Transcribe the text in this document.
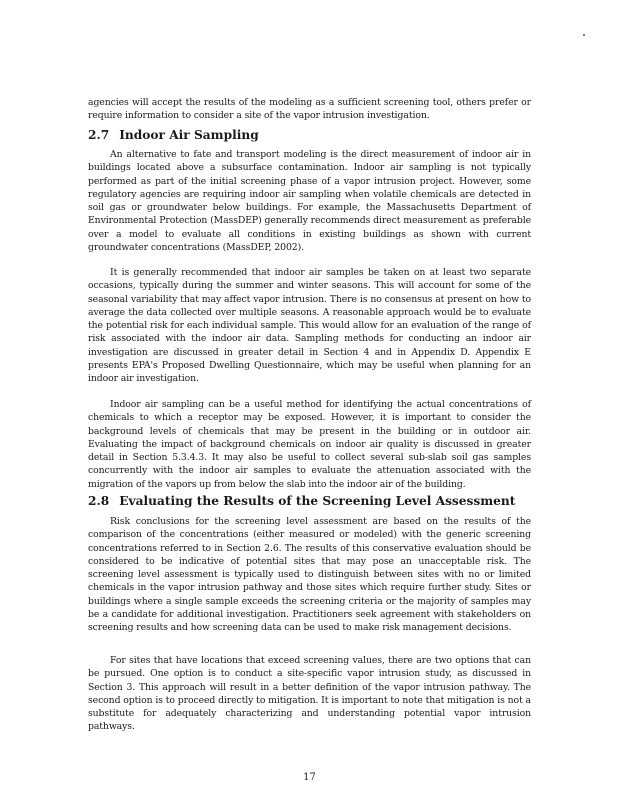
agencies will accept the results of the modeling as a sufficient screening tool, others prefer or require information to consider a site of the vapor intrusion investigation.
2.7 Indoor Air Sampling
An alternative to fate and transport modeling is the direct measurement of indoor air in buildings located above a subsurface contamination. Indoor air sampling is not typically performed as part of the initial screening phase of a vapor intrusion project. However, some regulatory agencies are requiring indoor air sampling when volatile chemicals are detected in soil gas or groundwater below buildings. For example, the Massachusetts Department of Environmental Protection (MassDEP) generally recommends direct measurement as preferable over a model to evaluate all conditions in existing buildings as shown with current groundwater concentrations (MassDEP, 2002).
It is generally recommended that indoor air samples be taken on at least two separate occasions, typically during the summer and winter seasons. This will account for some of the seasonal variability that may affect vapor intrusion. There is no consensus at present on how to average the data collected over multiple seasons. A reasonable approach would be to evaluate the potential risk for each individual sample. This would allow for an evaluation of the range of risk associated with the indoor air data. Sampling methods for conducting an indoor air investigation are discussed in greater detail in Section 4 and in Appendix D. Appendix E presents EPA's Proposed Dwelling Questionnaire, which may be useful when planning for an indoor air investigation.
Indoor air sampling can be a useful method for identifying the actual concentrations of chemicals to which a receptor may be exposed. However, it is important to consider the background levels of chemicals that may be present in the building or in outdoor air. Evaluating the impact of background chemicals on indoor air quality is discussed in greater detail in Section 5.3.4.3. It may also be useful to collect several sub-slab soil gas samples concurrently with the indoor air samples to evaluate the attenuation associated with the migration of the vapors up from below the slab into the indoor air of the building.
2.8 Evaluating the Results of the Screening Level Assessment
Risk conclusions for the screening level assessment are based on the results of the comparison of the concentrations (either measured or modeled) with the generic screening concentrations referred to in Section 2.6. The results of this conservative evaluation should be considered to be indicative of potential sites that may pose an unacceptable risk. The screening level assessment is typically used to distinguish between sites with no or limited chemicals in the vapor intrusion pathway and those sites which require further study. Sites or buildings where a single sample exceeds the screening criteria or the majority of samples may be a candidate for additional investigation. Practitioners seek agreement with stakeholders on screening results and how screening data can be used to make risk management decisions.
For sites that have locations that exceed screening values, there are two options that can be pursued. One option is to conduct a site-specific vapor intrusion study, as discussed in Section 3. This approach will result in a better definition of the vapor intrusion pathway. The second option is to proceed directly to mitigation. It is important to note that mitigation is not a substitute for adequately characterizing and understanding potential vapor intrusion pathways.
17
